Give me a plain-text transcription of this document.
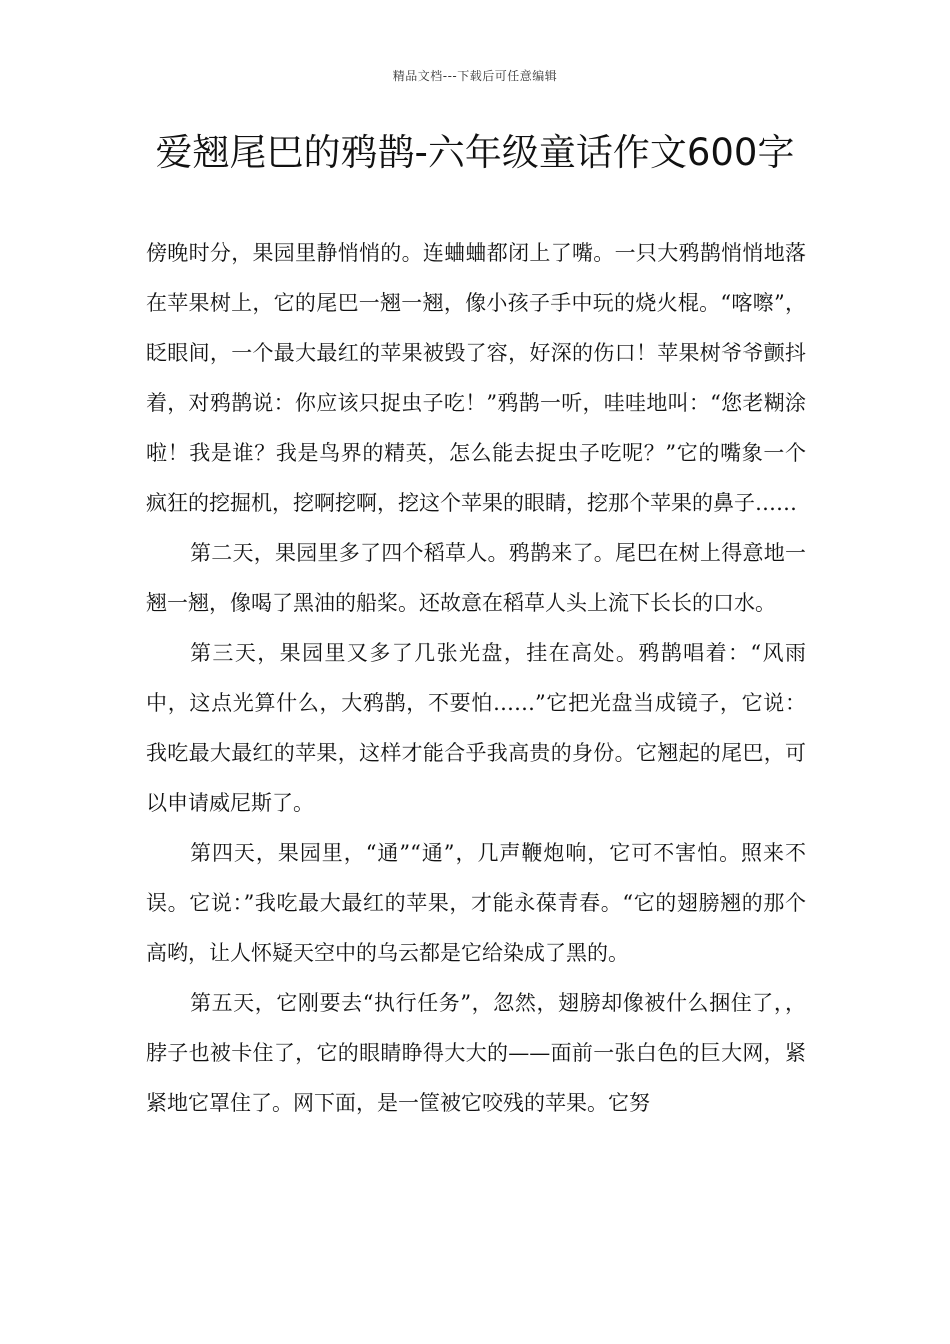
精品文档---下载后可任意编辑
爱翘尾巴的鸦鹊-六年级童话作文600字

傍晚时分，果园里静悄悄的。连蛐蛐都闭上了嘴。一只大鸦鹊悄悄地落在苹果树上，它的尾巴一翘一翘，像小孩子手中玩的烧火棍。“喀嚓”，眨眼间，一个最大最红的苹果被毁了容，好深的伤口！苹果树爷爷颤抖着，对鸦鹊说：你应该只捉虫子吃！”鸦鹊一听，哇哇地叫：“您老糊涂啦！我是谁？我是鸟界的精英，怎么能去捉虫子吃呢？”它的嘴象一个疯狂的挖掘机，挖啊挖啊，挖这个苹果的眼睛，挖那个苹果的鼻子……

第二天，果园里多了四个稻草人。鸦鹊来了。尾巴在树上得意地一翘一翘，像喝了黑油的船桨。还故意在稻草人头上流下长长的口水。

第三天，果园里又多了几张光盘，挂在高处。鸦鹊唱着：“风雨中，这点光算什么，大鸦鹊，不要怕……”它把光盘当成镜子，它说：我吃最大最红的苹果，这样才能合乎我高贵的身份。它翘起的尾巴，可以申请威尼斯了。

第四天，果园里，“通”“通”，几声鞭炮响，它可不害怕。照来不误。它说：”我吃最大最红的苹果，才能永葆青春。“它的翅膀翘的那个高哟，让人怀疑天空中的乌云都是它给染成了黑的。

第五天，它刚要去“执行任务”，忽然，翅膀却像被什么捆住了，，脖子也被卡住了，它的眼睛睁得大大的——面前一张白色的巨大网，紧紧地它罩住了。网下面，是一筐被它咬残的苹果。它努
